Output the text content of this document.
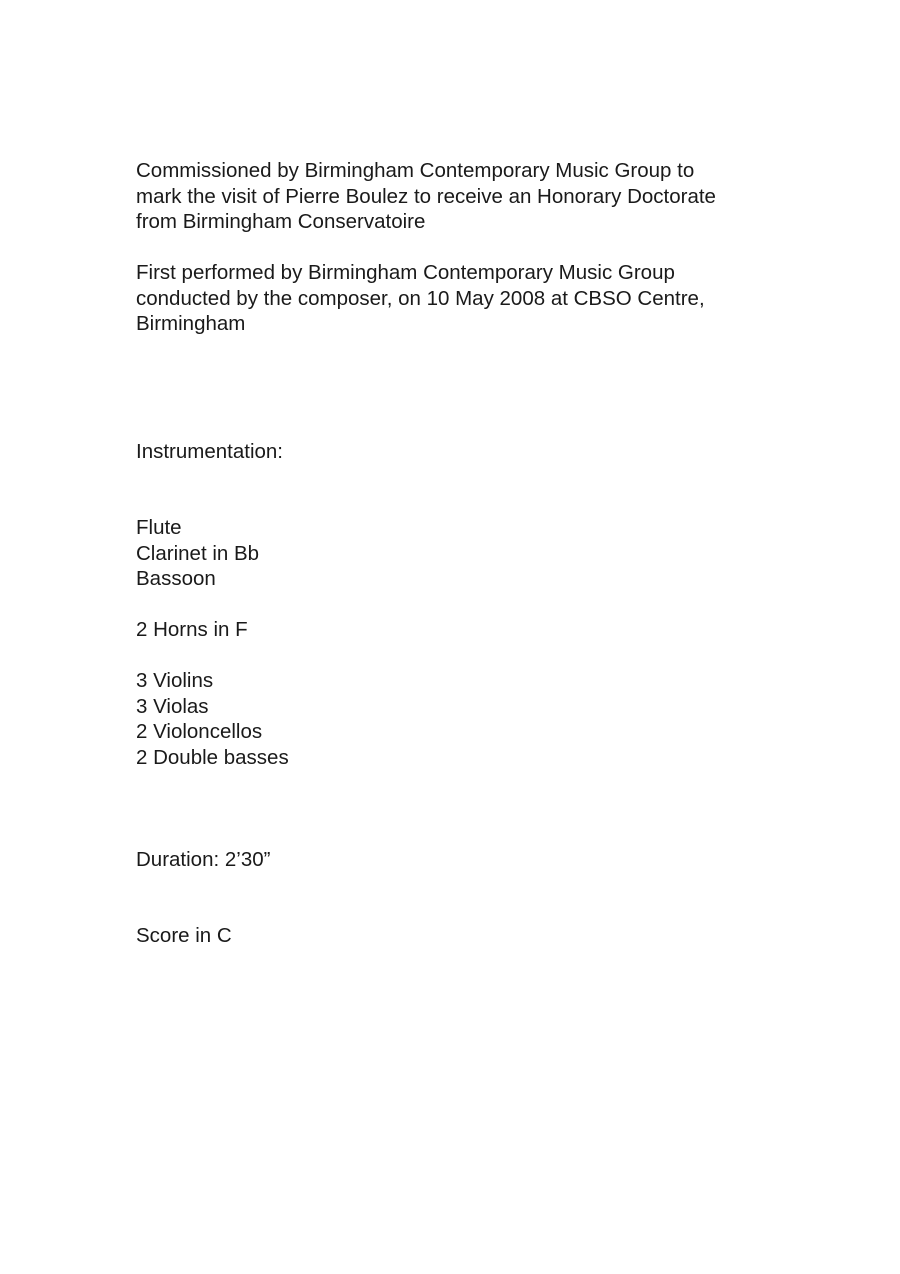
Commissioned by Birmingham Contemporary Music Group to
mark the visit of Pierre Boulez to receive an Honorary Doctorate
from Birmingham Conservatoire

First performed by Birmingham Contemporary Music Group
conducted by the composer, on 10 May 2008 at CBSO Centre,
Birmingham

Instrumentation:

Flute
Clarinet in Bb
Bassoon
2 Horns in F
3 Violins
3 Violas
2 Violoncellos
2 Double basses

Duration: 2’30”

Score in C
